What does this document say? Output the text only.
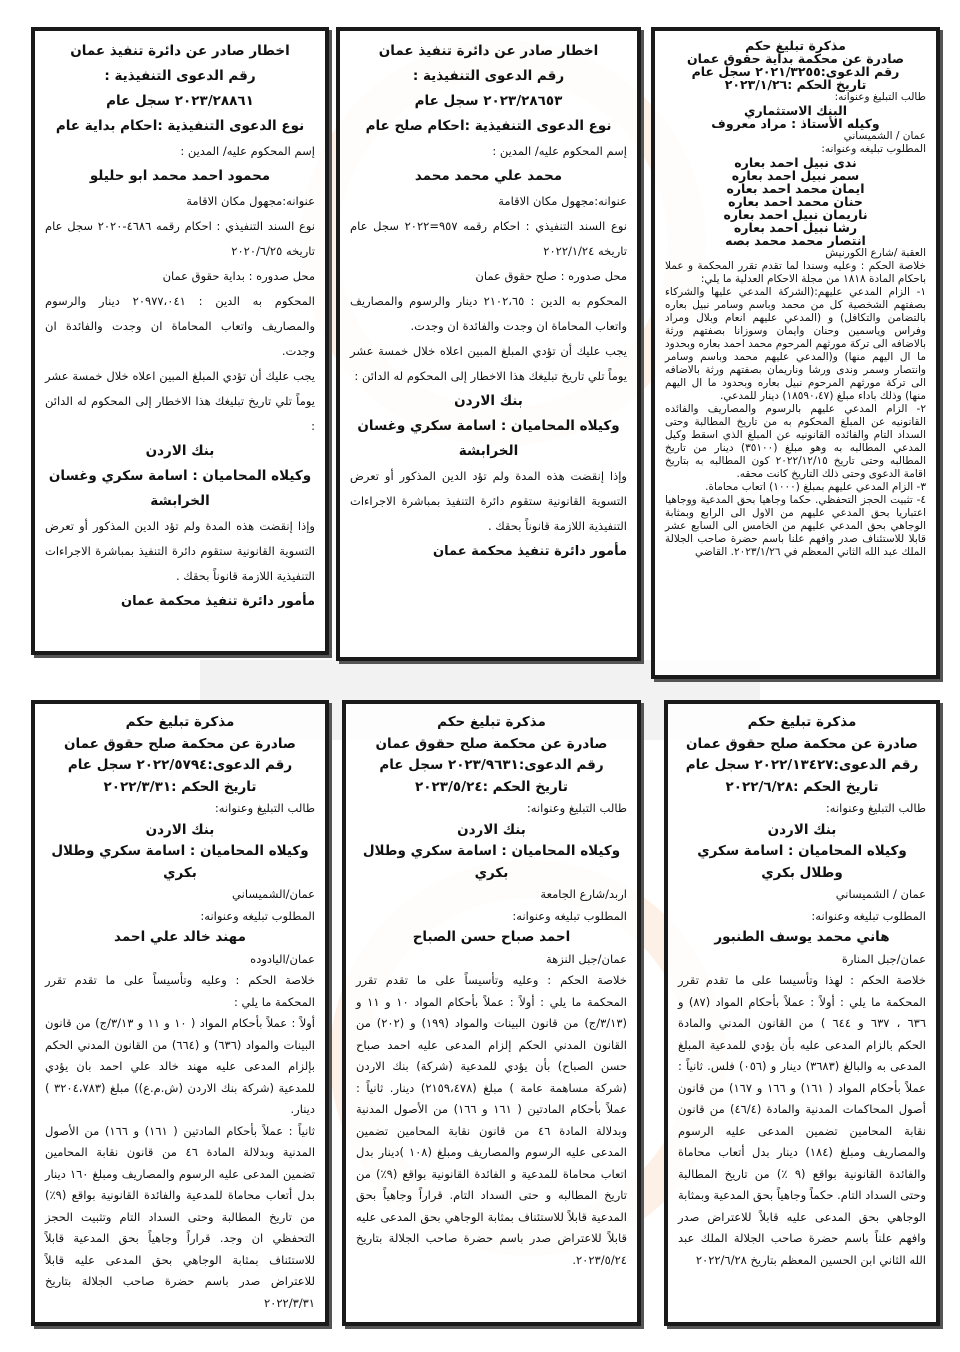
مذكرة تبليغ حكم
صادرة عن محكمة بداية حقوق عمان
رقم الدعوى:٢٠٢١/٣٢٥٥ سجل عام
تاريخ الحكم :٢٠٢٣/١/٢٦
طالب التبليغ وعنوانه:
البنك الاستثماري
وكيله الأستاذ : مراد معروف
عمان / الشميساني
المطلوب تبليغه وعنوانه:
ندى نبيل احمد بعاره
سمر نبيل احمد بعاره
ايمان محمد احمد بعاره
حنان محمد احمد بعاره
ناريمان نبيل احمد بعاره
رشا نبيل احمد بعاره
انتصار محمد محمد بصه
العقبة /شارع الكورنيش
خلاصة الحكم : وعليه وسندا لما تقدم تقرر المحكمة و عملا باحكام المادة ١٨١٨ من مجلة الاحكام العدلية ما يلي:
١- الزام المدعي عليهم:(الشركة المدعي عليها والشركاء بصفتهم الشخصية كل من محمد وباسم وسامر نبيل بعاره بالتضامن والتكافل) و (المدعي عليهم انعام وبلال ومراد وفراس وياسمين وحنان وايمان وسوزانا بصفتهم ورثة بالاضافه الى تركة مورثهم المرحوم محمد احمد بعاره وبحدود ما ال اليهم منها) و(المدعي عليهم محمد وباسم وسامر وانتصار وسمر وندى ورشا وناريمان بصفتهم ورثة بالاضافه الى تركة مورثهم المرحوم نبيل بعاره وبحدود ما ال اليهم منها) وذلك باداء مبلغ (١٨٥٩٠،٤٧) دينار للمدعي.
٢- الزام المدعي عليهم بالرسوم والمصاريف والفائده القانونيه عن المبلغ المحكوم به من تاريخ المطالبة وحتى السداد التام والفائده القانونيه عن المبلغ الذي اسقط وكيل المدعي المطالبه به وهو مبلغ (٣٥١٠٠) دينار من تاريخ المطالبه وحتى تاريخ ٢٠٢٢/١٢/١٥ كون المطالبه به بتاريخ اقامة الدعوى وحتى ذلك التاريخ كانت محقه.
٣- الزام المدعي عليهم بمبلغ (١٠٠٠) اتعاب محاماة.
٤- تثبيت الحجز التحفظي. حكما وجاهيا بحق المدعية ووجاهيا اعتباريا بحق المدعي عليهم من الاول الى الرابع وبمثابة الوجاهي بحق المدعي عليهم من الخامس الى السابع عشر قابلا للاستئناف صدر وافهم علنا باسم حضرة صاحب الجلالة الملك عبد الله الثاني المعظم في ٢٠٢٣/١/٢٦. القاضي
اخطار صادر عن دائرة تنفيذ عمان
رقم الدعوى التنفيذية :
٢٠٢٣/٢٨٦٥٣ سجل عام
نوع الدعوى التنفيذية :احكام صلح عام
إسم المحكوم عليه/ المدين :
محمد علي محمد محمد
عنوانه:مجهول مكان الاقامة
نوع السند التنفيذي : احكام رقمه ٩٥٧=٢٠٢٢ سجل عام تاريخه ٢٠٢٢/١/٢٤
محل صدوره : صلح حقوق عمان
المحكوم به الدين : ٢١٠٢،٦٥ دينار والرسوم والمصاريف واتعاب المحاماة ان وجدت والفائدة ان وجدت.
يجب عليك أن تؤدي المبلغ المبين اعلاه خلال خمسة عشر يوماً تلي تاريخ تبليغك هذا الاخطار إلى المحكوم له الدائن :
بنك الاردن
وكيلاه المحاميان : اسامة سكري وغسان الخرابشة
وإذا إنقضت هذه المدة ولم تؤد الدين المذكور أو تعرض التسوية القانونية ستقوم دائرة التنفيذ بمباشرة الاجراءات التنفيذية اللازمة قانوناً بحقك .
مأمور دائرة تنفيذ محكمة عمان
اخطار صادر عن دائرة تنفيذ عمان
رقم الدعوى التنفيذية :
٢٠٢٣/٢٨٨٦١ سجل عام
نوع الدعوى التنفيذية :احكام بداية عام
إسم المحكوم عليه/ المدين :
محمود احمد محمد ابو حليلو
عنوانه:مجهول مكان الاقامة
نوع السند التنفيذي : احكام رقمه ٤٦٨٦-٢٠٢٠ سجل عام تاريخه ٢٠٢٠/٦/٢٥
محل صدوره : بداية حقوق عمان
المحكوم به الدين : ٢٠٩٧٧،٠٤١ دينار والرسوم والمصاريف واتعاب المحاماة ان وجدت والفائدة ان وجدت.
يجب عليك أن تؤدي المبلغ المبين اعلاه خلال خمسة عشر يوماً تلي تاريخ تبليغك هذا الاخطار إلى المحكوم له الدائن :
بنك الاردن
وكيلاه المحاميان : اسامة سكري وغسان الخرابشة
وإذا إنقضت هذه المدة ولم تؤد الدين المذكور أو تعرض التسوية القانونية ستقوم دائرة التنفيذ بمباشرة الاجراءات التنفيذية اللازمة قانوناً بحقك .
مأمور دائرة تنفيذ محكمة عمان
مذكرة تبليغ حكم
صادرة عن محكمة صلح حقوق عمان
رقم الدعوى:٢٠٢٢/١٣٤٢٧ سجل عام
تاريخ الحكم :٢٠٢٢/٦/٢٨
طالب التبليغ وعنوانه:
بنك الاردن
وكيلاه المحاميان : اسامة سكري وطلال بكري
عمان / الشميساني
المطلوب تبليغه وعنوانه:
هاني محمد يوسف الطنبور
عمان/جبل المنارة
خلاصة الحكم : لهذا وتأسيسا على ما تقدم تقرر المحكمة ما يلي : أولاً : عملاً بأحكام المواد (٨٧) و ٦٣٦ ، ٦٣٧ و ٦٤٤ ) من القانون المدني والمادة الحكم بالزام المدعى عليه بأن يؤدي للمدعية المبلغ المدعى به والبالغ (٣٦٨٣) دينار و (٠٥٦) فلس. ثانياً : عملاً بأحكام المواد ( ١٦١) و ١٦٦ و ١٦٧) من قانون أصول المحاكمات المدنية والمادة (٤٦/٤) من قانون نقابة المحامين تضمين المدعى عليه الرسوم والمصاريف ومبلغ (١٨٤) دينار بدل أتعاب محاماة والفائدة القانونية بواقع (٩ ٪) من تاريخ المطالبة وحتى السداد التام. حكماً وجاهياً بحق المدعية وبمثابة الوجاهي بحق المدعى عليه قابلاً للاعتراض صدر وافهم علناً باسم حضرة صاحب الجلالة الملك عبد الله الثاني ابن الحسين المعظم بتاريخ ٢٠٢٢/٦/٢٨
مذكرة تبليغ حكم
صادرة عن محكمة صلح حقوق عمان
رقم الدعوى:٢٠٢٣/٩٦٣١ سجل عام
تاريخ الحكم :٢٠٢٣/٥/٢٤
طالب التبليغ وعنوانه:
بنك الاردن
وكيلاه المحاميان : اسامة سكري وطلال بكري
اربد/شارع الجامعة
المطلوب تبليغه وعنوانه:
احمد صباح حسن الصباح
عمان/جبل النزهة
خلاصة الحكم : وعليه وتأسيساً على ما تقدم تقرر المحكمة ما يلي : أولاً : عملاً بأحكام المواد ١٠ و ١١ و (٣/١٣/ج) من قانون البينات والمواد (١٩٩) و (٢٠٢) من القانون المدني الحكم إلزام المدعى عليه احمد صباح حسن الصباح) بأن يؤدي للمدعية (شركة) بنك الاردن (شركة مساهمة عامة ) مبلغ (٢١٥٩،٤٧٨) دينار. ثانياً : عملاً بأحكام المادتين ( ١٦١ و ١٦٦) من الأصول المدنية وبدلالة المادة ٤٦ من قانون نقابة المحامين تضمين المدعى عليه الرسوم والمصاريف ومبلغ (١٠٨ )دينار بدل اتعاب محاماة للمدعية و الفائدة القانونية بواقع (٩٪) من تاريخ المطالبه و حتى السداد التام. قراراً وجاهياً بحق المدعية قابلاً للاستئناف بمثابة الوجاهي بحق المدعى عليه قابلاً للاعتراض صدر باسم حضرة صاحب الجلالة بتاريخ ٢٠٢٣/٥/٢٤.
مذكرة تبليغ حكم
صادرة عن محكمة صلح حقوق عمان
رقم الدعوى:٢٠٢٢/٥٧٩٤ سجل عام
تاريخ الحكم :٢٠٢٢/٣/٣١
طالب التبليغ وعنوانه:
بنك الاردن
وكيلاه المحاميان : اسامة سكري وطلال بكري
عمان/الشميساني
المطلوب تبليغه وعنوانه:
مهند خالد علي احمد
عمان/اليادوده
خلاصة الحكم : وعليه وتأسيساً على ما تقدم تقرر المحكمة ما يلي :
أولاً : عملاً بأحكام المواد ( ١٠ و ١١ و ٣/١٣/ج) من قانون البينات والمواد (٦٣٦) و (٦٦٤) من القانون المدني الحكم بإلزام المدعى عليه مهند خالد علي احمد بان يؤدي للمدعية (شركة بنك الاردن (ش.م.ع)) مبلغ (٣٢٠٤،٧٨٣ ) دينار.
ثانياً : عملاً بأحكام المادتين ( ١٦١) و ١٦٦) من الأصول المدنية وبدلالة المادة ٤٦ من قانون نقابة المحامين تضمين المدعى عليه الرسوم والمصاريف ومبلغ ١٦٠ دينار بدل أتعاب محاماة للمدعية والفائدة القانونية بواقع (٩٪) من تاريخ المطالبة وحتى السداد التام وتثبيت الحجز التحفظي ان وجد. قراراً وجاهياً بحق المدعية قابلاً للاستئناف بمثابة الوجاهي بحق المدعى عليه قابلاً للاعتراض صدر باسم حضرة صاحب الجلالة بتاريخ ٢٠٢٢/٣/٣١
